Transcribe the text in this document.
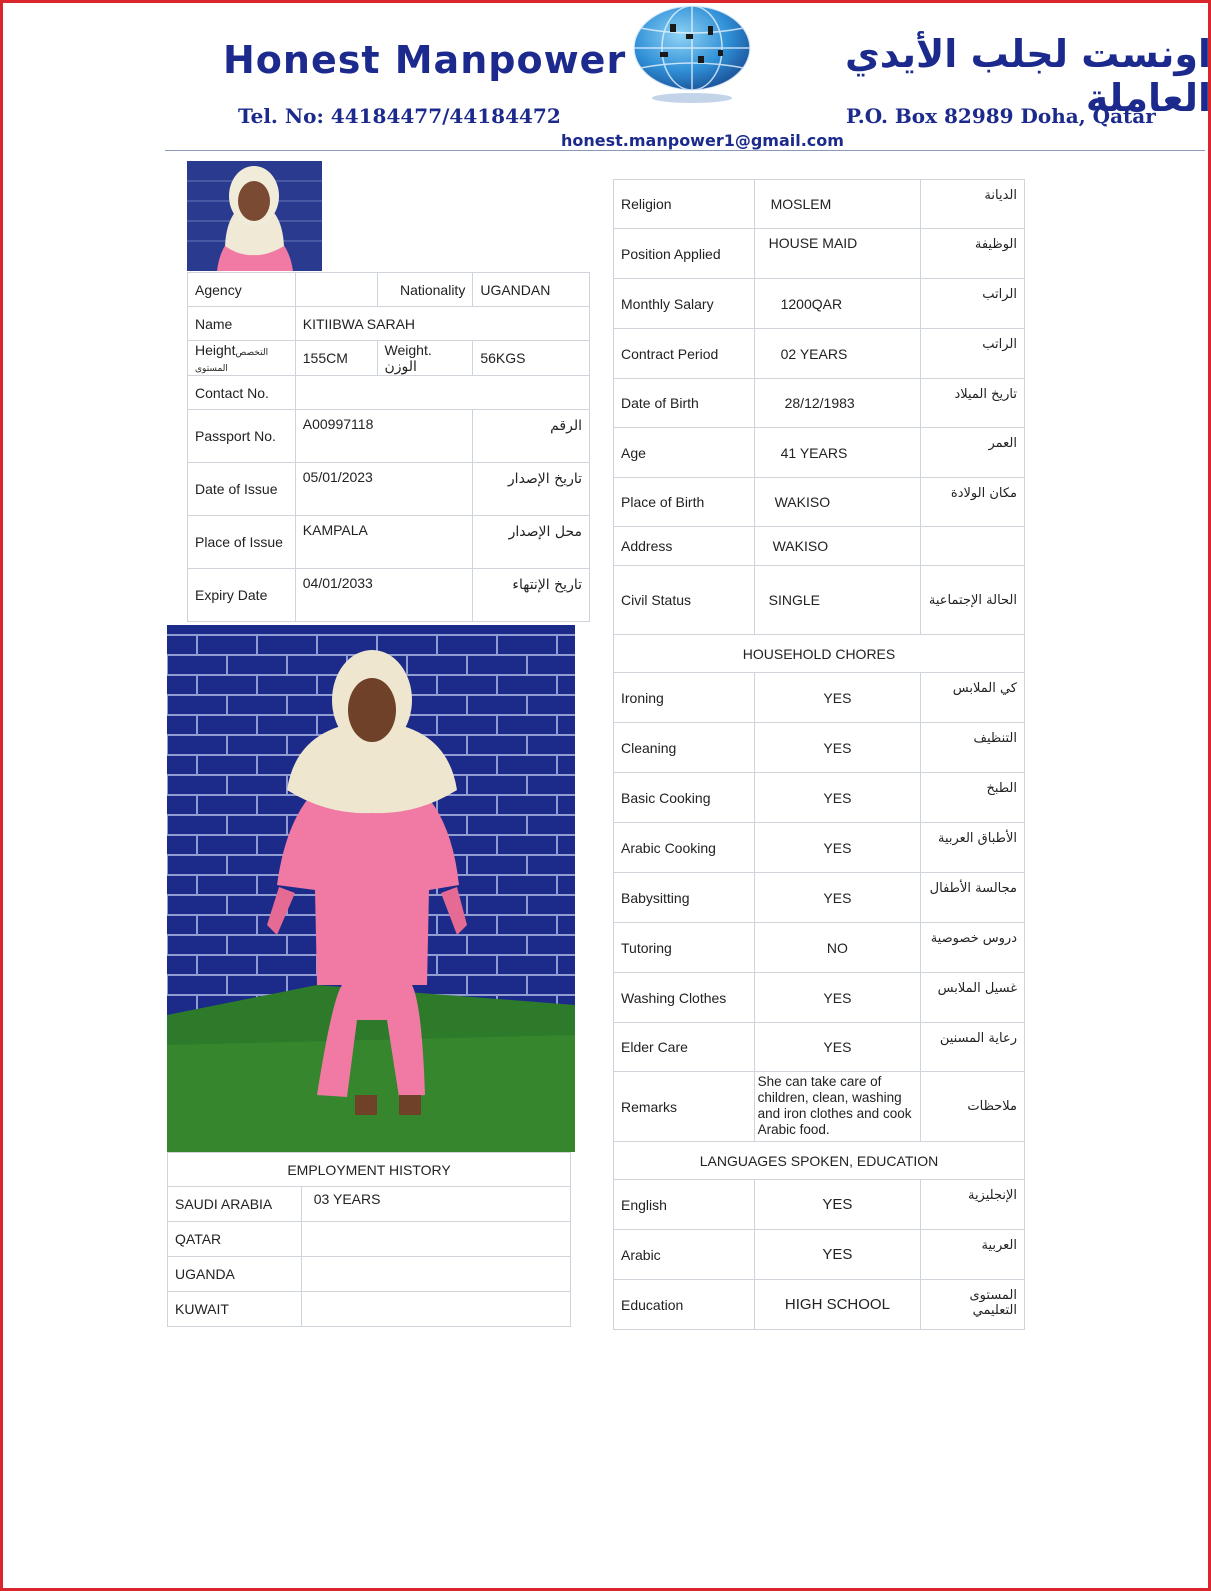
Honest Manpower	اونست لجلب الأيدي العاملة
Tel. No: 44184477/44184472	P.O. Box 82989 Doha, Qatar
honest.manpower1@gmail.com
Agency		Nationality	UGANDAN
Name	KITIIBWA SARAH		
Heightالتخصص المستوى	155CM	Weight. الوزن	56KGS
Contact No.			
Passport No.	A00997118		الرقم
Date of Issue	05/01/2023		تاريخ الإصدار
Place of Issue	KAMPALA		محل الإصدار
Expiry Date	04/01/2033		تاريخ الإنتهاء
EMPLOYMENT HISTORY	
SAUDI ARABIA	03 YEARS
QATAR	
UGANDA	
KUWAIT	
Religion	MOSLEM	الديانة
Position Applied	HOUSE MAID	الوظيفة
Monthly Salary	1200QAR	الراتب
Contract Period	02 YEARS	الراتب
Date of Birth	28/12/1983	تاريخ الميلاد
Age	41 YEARS	العمر
Place of Birth	WAKISO	مكان الولادة
Address	WAKISO	
Civil Status	SINGLE	الحالة الإجتماعية
HOUSEHOLD CHORES		
Ironing	YES	كي الملابس
Cleaning	YES	التنظيف
Basic Cooking	YES	الطبخ
Arabic Cooking	YES	الأطباق العربية
Babysitting	YES	مجالسة الأطفال
Tutoring	NO	دروس خصوصية
Washing Clothes	YES	غسيل الملابس
Elder Care	YES	رعاية المسنين
Remarks	She can take care of children, clean, washing and iron clothes and cook Arabic food.	ملاحظات
LANGUAGES SPOKEN, EDUCATION		
English	YES	الإنجليزية
Arabic	YES	العربية
Education	HIGH SCHOOL	المستوى التعليمي
